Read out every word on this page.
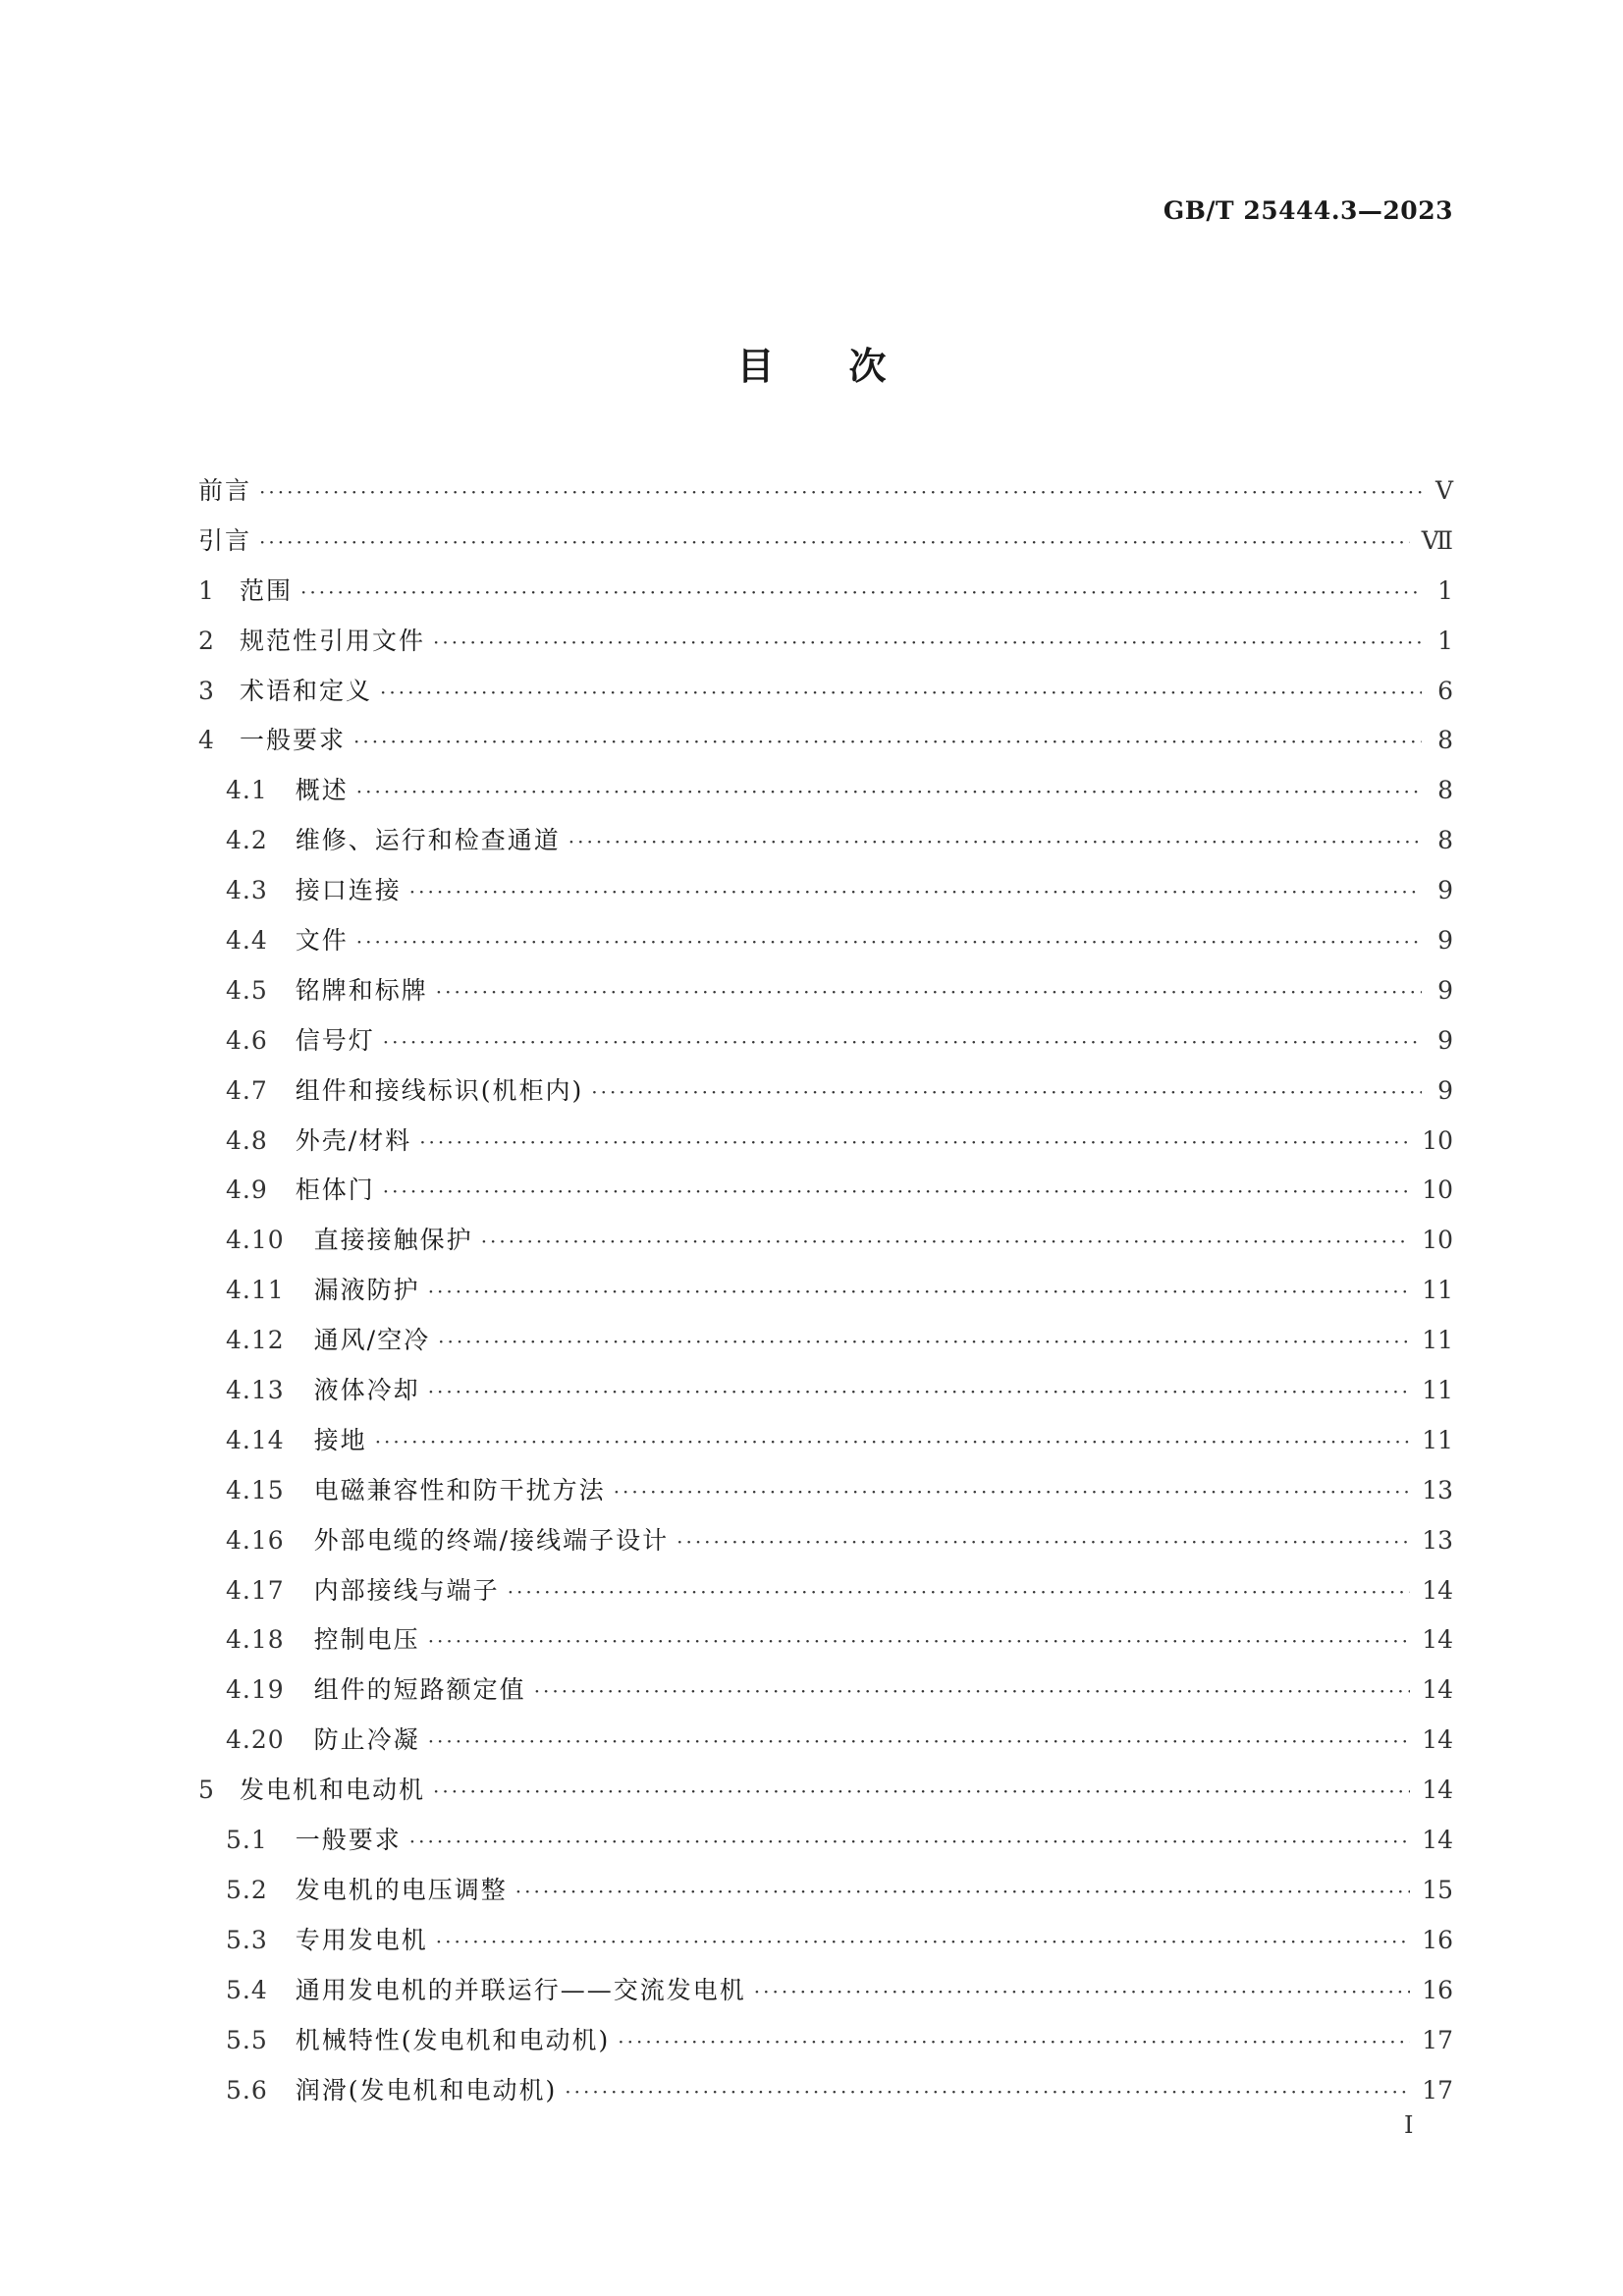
GB/T 25444.3—2023
目　　次
前言 ·····	Ⅴ
引言 ·····	Ⅶ
1	范围 ·····	1
2	规范性引用文件 ·····	1
3	术语和定义 ·····	6
4	一般要求 ·····	8
4.1 概述 ·····	8
4.2 维修、运行和检查通道 ·····	8
4.3 接口连接 ·····	9
4.4 文件 ·····	9
4.5 铭牌和标牌 ·····	9
4.6 信号灯 ·····	9
4.7 组件和接线标识(机柜内) ·····	9
4.8 外壳/材料 ·····	10
4.9 柜体门 ·····	10
4.10 直接接触保护 ·····	10
4.11 漏液防护 ·····	11
4.12 通风/空冷 ·····	11
4.13 液体冷却 ·····	11
4.14 接地 ·····	11
4.15 电磁兼容性和防干扰方法 ·····	13
4.16 外部电缆的终端/接线端子设计 ·····	13
4.17 内部接线与端子 ·····	14
4.18 控制电压 ·····	14
4.19 组件的短路额定值 ·····	14
4.20 防止冷凝 ·····	14
5	发电机和电动机 ·····	14
5.1 一般要求 ·····	14
5.2 发电机的电压调整 ·····	15
5.3 专用发电机 ·····	16
5.4 通用发电机的并联运行——交流发电机 ·····	16
5.5 机械特性(发电机和电动机) ·····	17
5.6 润滑(发电机和电动机) ·····	17
I
